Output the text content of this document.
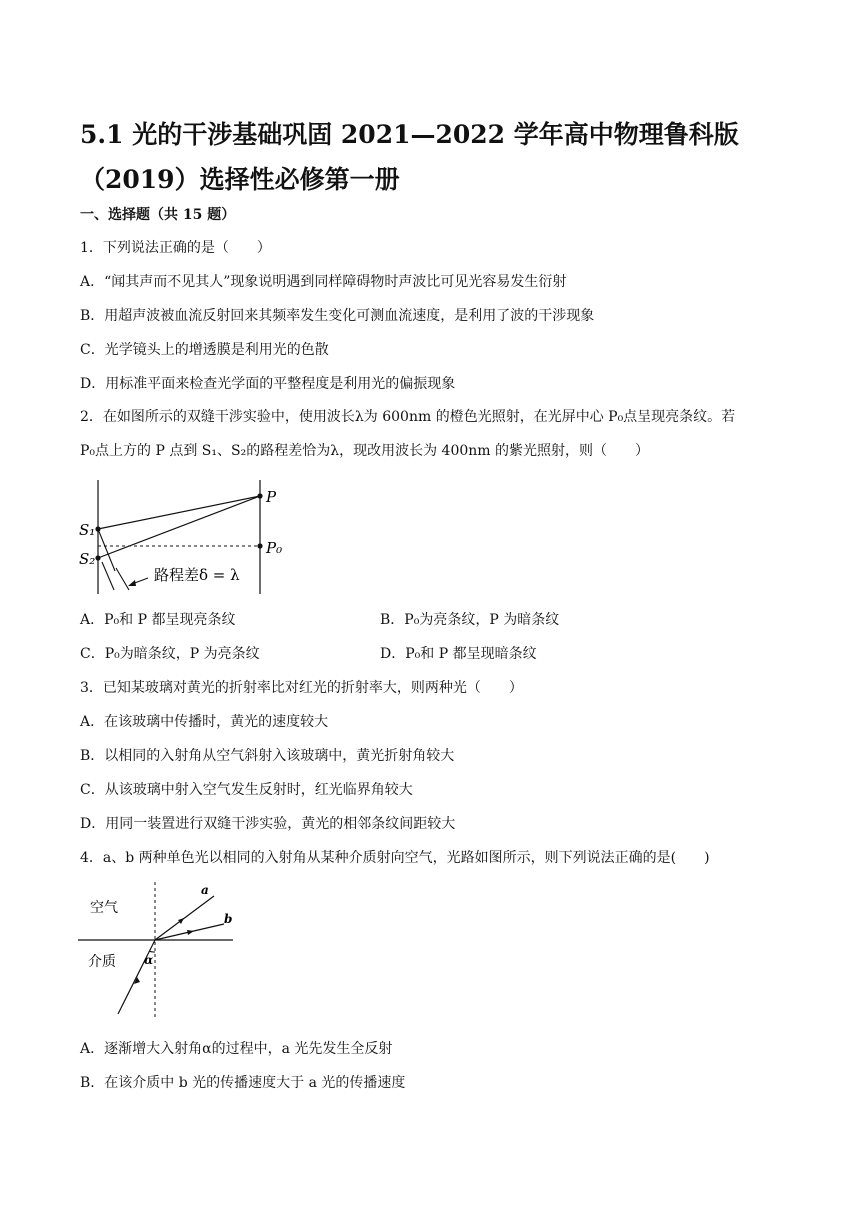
5.1 光的干涉基础巩固 2021—2022 学年高中物理鲁科版（2019）选择性必修第一册
一、选择题（共 15 题）
1．下列说法正确的是（　　）
A．“闻其声而不见其人”现象说明遇到同样障碍物时声波比可见光容易发生衍射
B．用超声波被血流反射回来其频率发生变化可测血流速度，是利用了波的干涉现象
C．光学镜头上的增透膜是利用光的色散
D．用标准平面来检查光学面的平整程度是利用光的偏振现象
2．在如图所示的双缝干涉实验中，使用波长λ为 600nm 的橙色光照射，在光屏中心 P₀点呈现亮条纹。若
P₀点上方的 P 点到 S₁、S₂的路程差恰为λ，现改用波长为 400nm 的紫光照射，则（　　）
P
P₀
S₁
S₂
路程差δ = λ
A．P₀和 P 都呈现亮条纹	B．P₀为亮条纹，P 为暗条纹
C．P₀为暗条纹，P 为亮条纹	D．P₀和 P 都呈现暗条纹
3．已知某玻璃对黄光的折射率比对红光的折射率大，则两种光（　　）
A．在该玻璃中传播时，黄光的速度较大
B．以相同的入射角从空气斜射入该玻璃中，黄光折射角较大
C．从该玻璃中射入空气发生反射时，红光临界角较大
D．用同一装置进行双缝干涉实验，黄光的相邻条纹间距较大
4．a、b 两种单色光以相同的入射角从某种介质射向空气，光路如图所示，则下列说法正确的是(　　)
空气
介质
a
b
α
A．逐渐增大入射角α的过程中，a 光先发生全反射
B．在该介质中 b 光的传播速度大于 a 光的传播速度
